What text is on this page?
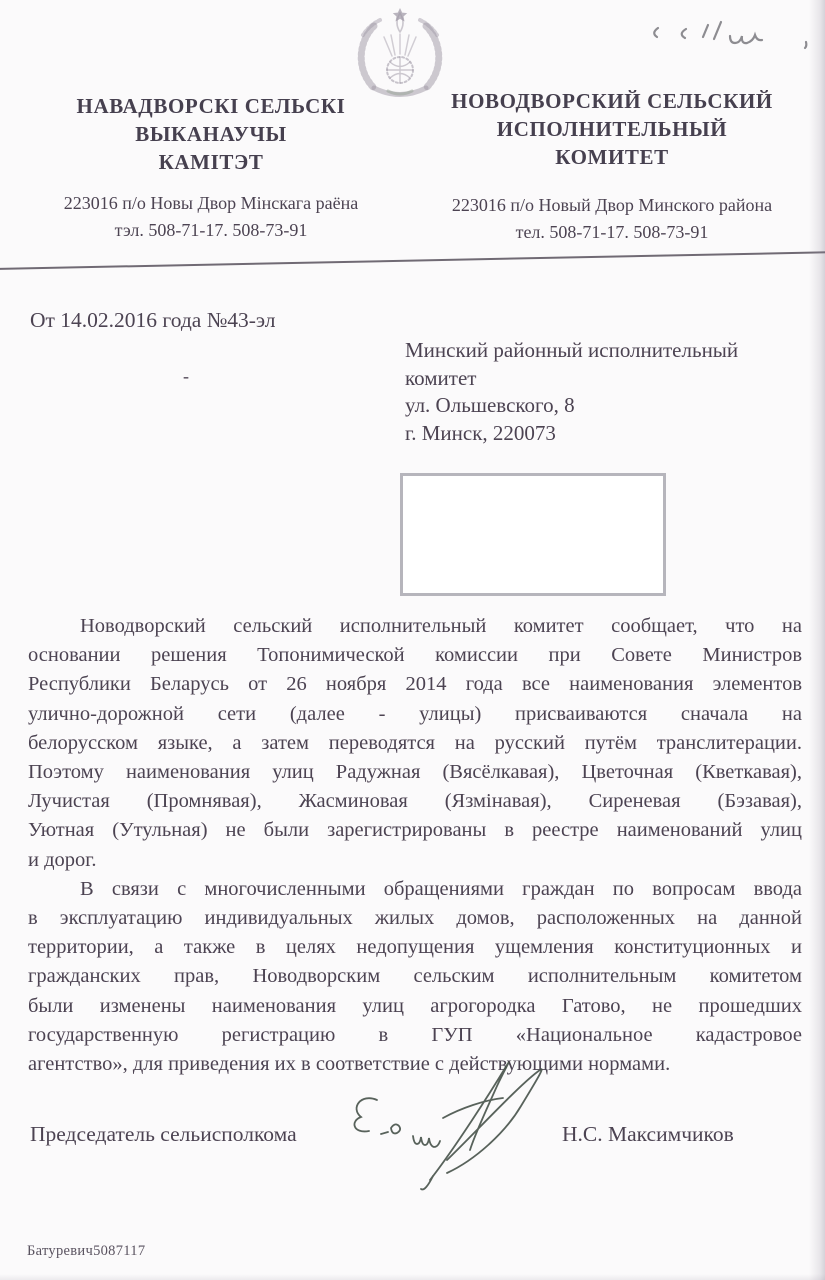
НАВАДВОРСКІ СЕЛЬСКІ
ВЫКАНАУЧЫ
КАМІТЭТ
223016 п/о Новы Двор Мінскага раёна
тэл. 508-71-17. 508-73-91
НОВОДВОРСКИЙ СЕЛЬСКИЙ
ИСПОЛНИТЕЛЬНЫЙ
КОМИТЕТ
223016 п/о Новый Двор Минского района
тел. 508-71-17. 508-73-91
От 14.02.2016 года №43-эл
-
Минский районный исполнительный
комитет
ул. Ольшевского, 8
г. Минск, 220073
Новодворский сельский исполнительный комитет сообщает, что на
основании решения Топонимической комиссии при Совете Министров
Республики Беларусь от 26 ноября 2014 года все наименования элементов
улично-дорожной сети (далее - улицы) присваиваются сначала на
белорусском языке, а затем переводятся на русский путём транслитерации.
Поэтому наименования улиц Радужная (Вясёлкавая), Цветочная (Кветкавая),
Лучистая (Промнявая), Жасминовая (Язмінавая), Сиреневая (Бэзавая),
Уютная (Утульная) не были зарегистрированы в реестре наименований улиц
и дорог.
В связи с многочисленными обращениями граждан по вопросам ввода
в эксплуатацию индивидуальных жилых домов, расположенных на данной
территории, а также в целях недопущения ущемления конституционных и
гражданских прав, Новодворским сельским исполнительным комитетом
были изменены наименования улиц агрогородка Гатово, не прошедших
государственную регистрацию в ГУП «Национальное кадастровое
агентство», для приведения их в соответствие с действующими нормами.
Председатель сельисполкома	Н.С. Максимчиков
Батуревич5087117
